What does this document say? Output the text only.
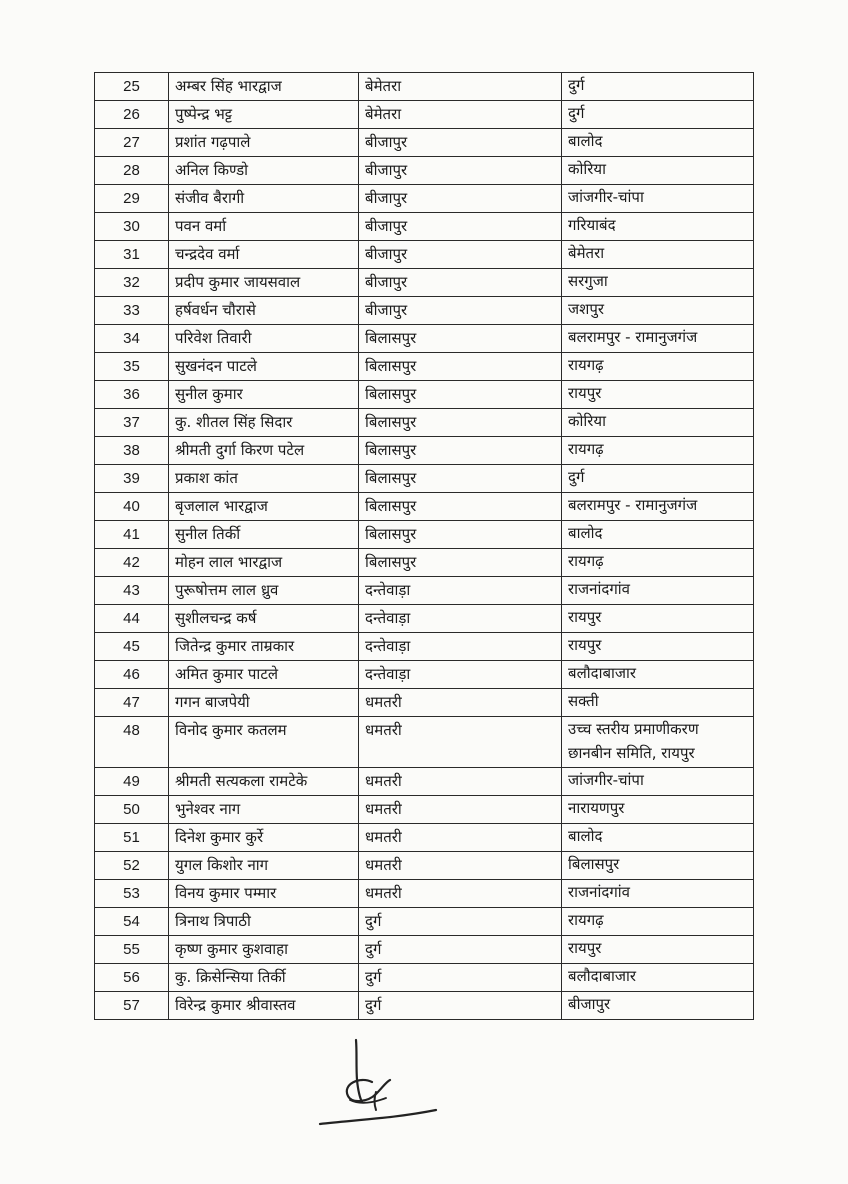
25	अम्बर सिंह भारद्वाज	बेमेतरा	दुर्ग

26	पुष्पेन्द्र भट्ट	बेमेतरा	दुर्ग

27	प्रशांत गढ़पाले	बीजापुर	बालोद

28	अनिल किण्डो	बीजापुर	कोरिया

29	संजीव बैरागी	बीजापुर	जांजगीर-चांपा

30	पवन वर्मा	बीजापुर	गरियाबंद

31	चन्द्रदेव वर्मा	बीजापुर	बेमेतरा

32	प्रदीप कुमार जायसवाल	बीजापुर	सरगुजा

33	हर्षवर्धन चौरासे	बीजापुर	जशपुर

34	परिवेश तिवारी	बिलासपुर	बलरामपुर - रामानुजगंज

35	सुखनंदन पाटले	बिलासपुर	रायगढ़

36	सुनील कुमार	बिलासपुर	रायपुर

37	कु. शीतल सिंह सिदार	बिलासपुर	कोरिया

38	श्रीमती दुर्गा किरण पटेल	बिलासपुर	रायगढ़

39	प्रकाश कांत	बिलासपुर	दुर्ग

40	बृजलाल भारद्वाज	बिलासपुर	बलरामपुर - रामानुजगंज

41	सुनील तिर्की	बिलासपुर	बालोद

42	मोहन लाल भारद्वाज	बिलासपुर	रायगढ़

43	पुरूषोत्तम लाल ध्रुव	दन्तेवाड़ा	राजनांदगांव

44	सुशीलचन्द्र कर्ष	दन्तेवाड़ा	रायपुर

45	जितेन्द्र कुमार ताम्रकार	दन्तेवाड़ा	रायपुर

46	अमित कुमार पाटले	दन्तेवाड़ा	बलौदाबाजार

47	गगन बाजपेयी	धमतरी	सक्ती

48	विनोद कुमार कतलम	धमतरी	उच्च स्तरीय प्रमाणीकरण
छानबीन समिति, रायपुर

49	श्रीमती सत्यकला रामटेके	धमतरी	जांजगीर-चांपा

50	भुनेश्वर नाग	धमतरी	नारायणपुर

51	दिनेश कुमार कुर्रे	धमतरी	बालोद

52	युगल किशोर नाग	धमतरी	बिलासपुर

53	विनय कुमार पम्मार	धमतरी	राजनांदगांव

54	त्रिनाथ त्रिपाठी	दुर्ग	रायगढ़

55	कृष्ण कुमार कुशवाहा	दुर्ग	रायपुर

56	कु. क्रिसेन्सिया तिर्की	दुर्ग	बलौदाबाजार

57	विरेन्द्र कुमार श्रीवास्तव	दुर्ग	बीजापुर
